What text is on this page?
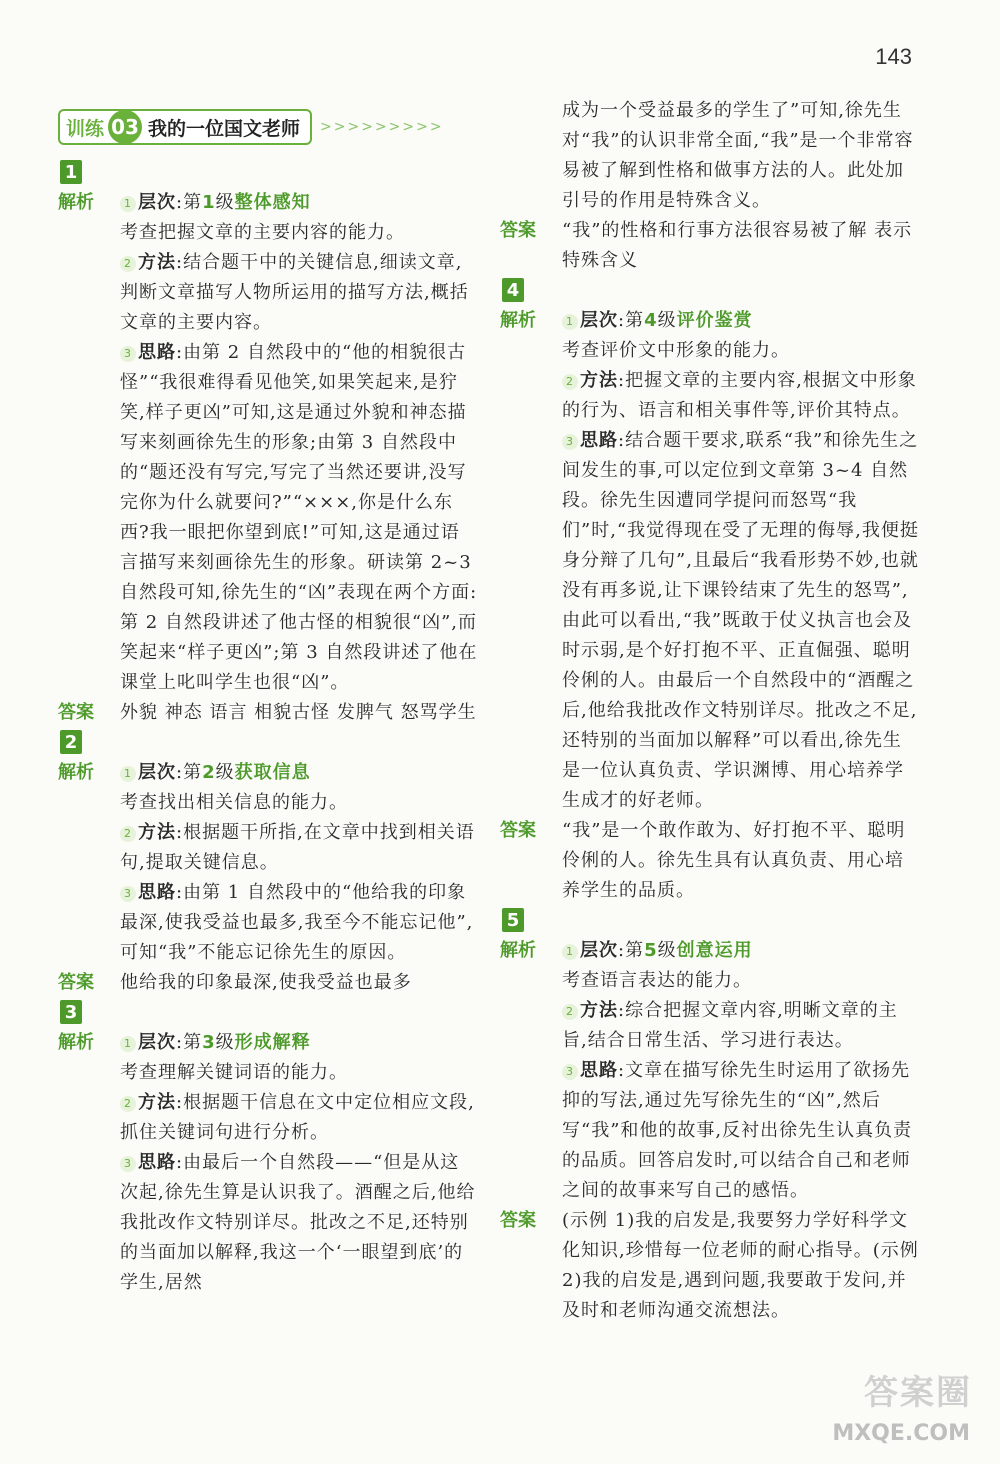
143
训练 03 我的一位国文老师 >>>>>>>>>
1
解析	1 层次:第1级整体感知

考查把握文章的主要内容的能力。

2 方法:结合题干中的关键信息,细读文章,判断文章描写人物所运用的描写方法,概括文章的主要内容。

3 思路:由第 2 自然段中的“他的相貌很古怪”“我很难得看见他笑,如果笑起来,是狞笑,样子更凶”可知,这是通过外貌和神态描写来刻画徐先生的形象;由第 3 自然段中的“题还没有写完,写完了当然还要讲,没写完你为什么就要问?”“×××,你是什么东西?我一眼把你望到底!”可知,这是通过语言描写来刻画徐先生的形象。研读第 2~3 自然段可知,徐先生的“凶”表现在两个方面:第 2 自然段讲述了他古怪的相貌很“凶”,而笑起来“样子更凶”;第 3 自然段讲述了他在课堂上叱叫学生也很“凶”。

答案	外貌 神态 语言 相貌古怪 发脾气 怒骂学生
2
解析	1 层次:第2级获取信息

考查找出相关信息的能力。

2 方法:根据题干所指,在文章中找到相关语句,提取关键信息。

3 思路:由第 1 自然段中的“他给我的印象最深,使我受益也最多,我至今不能忘记他”,可知“我”不能忘记徐先生的原因。

答案	他给我的印象最深,使我受益也最多
3
解析	1 层次:第3级形成解释

考查理解关键词语的能力。

2 方法:根据题干信息在文中定位相应文段,抓住关键词句进行分析。

3 思路:由最后一个自然段——“但是从这次起,徐先生算是认识我了。酒醒之后,他给我批改作文特别详尽。批改之不足,还特别的当面加以解释,我这一个‘一眼望到底’的学生,居然

成为一个受益最多的学生了”可知,徐先生对“我”的认识非常全面,“我”是一个非常容易被了解到性格和做事方法的人。此处加引号的作用是特殊含义。

答案	“我”的性格和行事方法很容易被了解 表示特殊含义
4
解析	1 层次:第4级评价鉴赏

考查评价文中形象的能力。

2 方法:把握文章的主要内容,根据文中形象的行为、语言和相关事件等,评价其特点。

3 思路:结合题干要求,联系“我”和徐先生之间发生的事,可以定位到文章第 3~4 自然段。徐先生因遭同学提问而怒骂“我们”时,“我觉得现在受了无理的侮辱,我便挺身分辩了几句”,且最后“我看形势不妙,也就没有再多说,让下课铃结束了先生的怒骂”,由此可以看出,“我”既敢于仗义执言也会及时示弱,是个好打抱不平、正直倔强、聪明伶俐的人。由最后一个自然段中的“酒醒之后,他给我批改作文特别详尽。批改之不足,还特别的当面加以解释”可以看出,徐先生是一位认真负责、学识渊博、用心培养学生成才的好老师。

答案	“我”是一个敢作敢为、好打抱不平、聪明伶俐的人。徐先生具有认真负责、用心培养学生的品质。
5
解析	1 层次:第5级创意运用

考查语言表达的能力。

2 方法:综合把握文章内容,明晰文章的主旨,结合日常生活、学习进行表达。

3 思路:文章在描写徐先生时运用了欲扬先抑的写法,通过先写徐先生的“凶”,然后写“我”和他的故事,反衬出徐先生认真负责的品质。回答启发时,可以结合自己和老师之间的故事来写自己的感悟。

答案	(示例 1)我的启发是,我要努力学好科学文化知识,珍惜每一位老师的耐心指导。(示例 2)我的启发是,遇到问题,我要敢于发问,并及时和老师沟通交流想法。
答案圈
MXQE.COM
